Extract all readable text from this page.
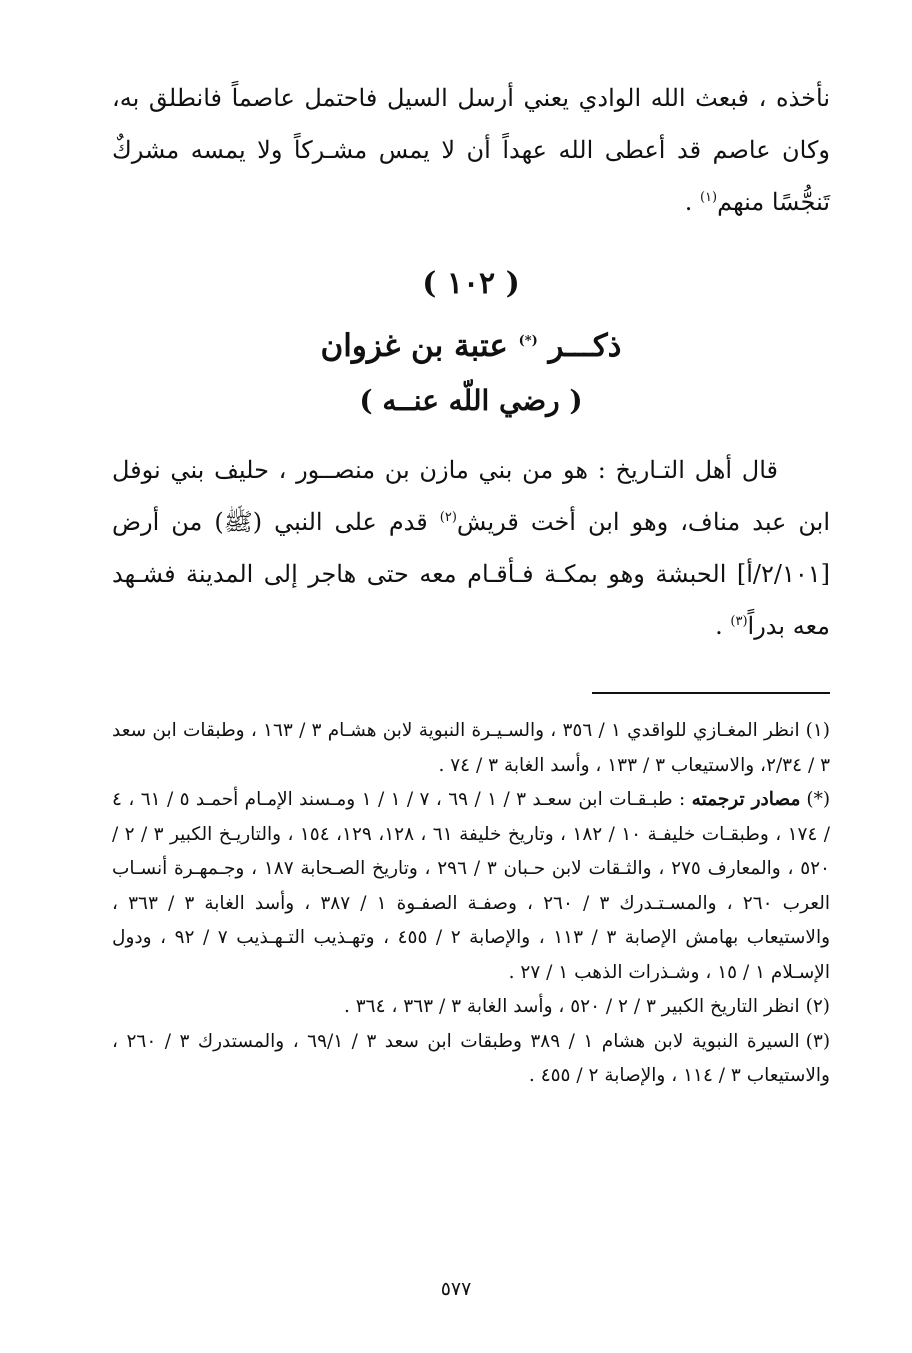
نأخذه ، فبعث الله الوادي يعني أرسل السيل فاحتمل عاصماً فانطلق به، وكان عاصم قد أعطى الله عهداً أن لا يمس مشـركاً ولا يمسه مشركٌ تَنجُّسًا منهم$^{(١)}$ .

( ١٠٢ )
ذكـــر (*) عتبة بن غزوان
( رضي اللّه عنــه )

قال أهل التـاريخ : هو من بني مازن بن منصــور ، حليف بني نوفل ابن عبد مناف، وهو ابن أخت قريش$^{(٢)}$ قدم على النبي (ﷺ) من أرض [٢/١٠١/أ] الحبشة وهو بمكـة فـأقـام معه حتى هاجر إلى المدينة فشـهد معه بدراً$^{(٣)}$ .

(١)انظر المغـازي للواقدي ١ / ٣٥٦ ، والسـيـرة النبوية لابن هشـام ٣ / ١٦٣ ، وطبقات ابن سعد ٣ / ٢/٣٤، والاستيعاب ٣ / ١٣٣ ، وأسد الغابة ٣ / ٧٤ .

(*)مصادر ترجمته : طبـقـات ابن سعـد ٣ / ١ / ٦٩ ، ٧ / ١ / ١ ومـسند الإمـام أحمـد ٥ / ٦١ ، ٤ / ١٧٤ ، وطبقـات خليفـة ١٠ / ١٨٢ ، وتاريخ خليفة ٦١ ، ١٢٨، ١٢٩، ١٥٤ ، والتاريـخ الكبير ٣ / ٢ / ٥٢٠ ، والمعارف ٢٧٥ ، والثـقات لابن حـبان ٣ / ٢٩٦ ، وتاريخ الصـحابة ١٨٧ ، وجـمهـرة أنسـاب العرب ٢٦٠ ، والمسـتـدرك ٣ / ٢٦٠ ، وصفـة الصفـوة ١ / ٣٨٧ ، وأسد الغابة ٣ / ٣٦٣ ، والاستيعاب بهامش الإصابة ٣ / ١١٣ ، والإصابة ٢ / ٤٥٥ ، وتهـذيب التـهـذيب ٧ / ٩٢ ، ودول الإسـلام ١ / ١٥ ، وشـذرات الذهب ١ / ٢٧ .

(٢)انظر التاريخ الكبير ٣ / ٢ / ٥٢٠ ، وأسد الغابة ٣ / ٣٦٣ ، ٣٦٤ .

(٣)السيرة النبوية لابن هشام ١ / ٣٨٩ وطبقات ابن سعد ٣ / ٦٩/١ ، والمستدرك ٣ / ٢٦٠ ، والاستيعاب ٣ / ١١٤ ، والإصابة ٢ / ٤٥٥ .

٥٧٧
